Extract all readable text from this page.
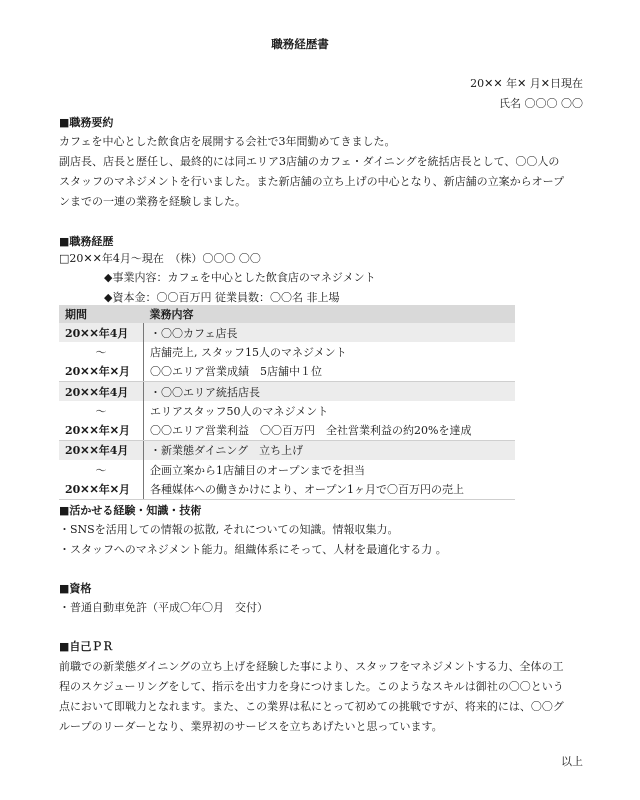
職務経歴書
20✕✕ 年✕ 月✕日現在
氏名 〇〇〇 〇〇
■職務要約
カフェを中心とした飲食店を展開する会社で3年間勤めてきました。
副店長、店長と歴任し、最終的には同エリア3店舗のカフェ・ダイニングを統括店長として、〇〇人の
スタッフのマネジメントを行いました。また新店舗の立ち上げの中心となり、新店舗の立案からオープ
ンまでの一連の業務を経験しました。
■職務経歴
□20✕✕年4月〜現在　（株）〇〇〇 〇〇
◆事業内容：カフェを中心とした飲食店のマネジメント
◆資本金：〇〇百万円 従業員数：〇〇名 非上場
期間	業務内容
20✕✕年4月	・〇〇カフェ店長
〜	店舗売上, スタッフ15人のマネジメント
20✕✕年✕月	〇〇エリア営業成績　5店舗中１位
20✕✕年4月	・〇〇エリア統括店長
〜	エリアスタッフ50人のマネジメント
20✕✕年✕月	〇〇エリア営業利益　〇〇百万円　全社営業利益の約20%を達成
20✕✕年4月	・新業態ダイニング　立ち上げ
〜	企画立案から1店舗目のオープンまでを担当
20✕✕年✕月	各種媒体への働きかけにより、オープン1ヶ月で〇百万円の売上
■活かせる経験・知識・技術
・SNSを活用しての情報の拡散, それについての知識。情報収集力。
・スタッフへのマネジメント能力。組織体系にそって、人材を最適化する力 。
■資格
・普通自動車免許（平成〇年〇月　交付）
■自己ＰＲ
前職での新業態ダイニングの立ち上げを経験した事により、スタッフをマネジメントする力、全体の工
程のスケジューリングをして、指示を出す力を身につけました。このようなスキルは御社の〇〇という
点において即戦力となれます。また、この業界は私にとって初めての挑戦ですが、将来的には、〇〇グ
ループのリーダーとなり、業界初のサービスを立ちあげたいと思っています。
以上
